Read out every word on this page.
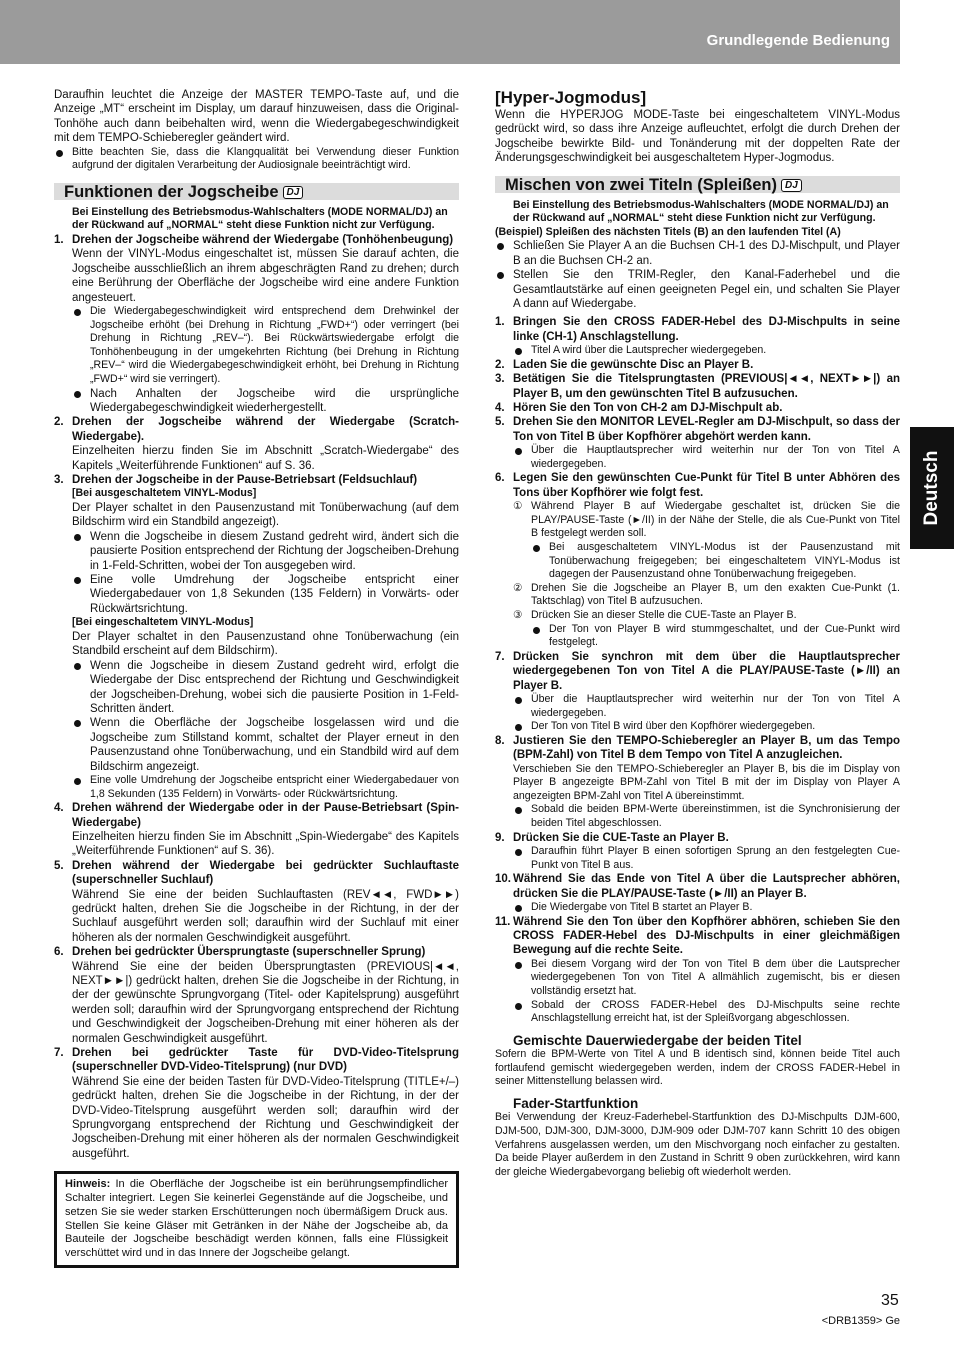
Grundlegende Bedienung
Deutsch
Daraufhin leuchtet die Anzeige der MASTER TEMPO-Taste auf, und die Anzeige „MT“ erscheint im Display, um darauf hinzuweisen, dass die Original-Tonhöhe auch dann beibehalten wird, wenn die Wiedergabegeschwindigkeit mit dem TEMPO-Schieberegler geändert wird.
Bitte beachten Sie, dass die Klangqualität bei Verwendung dieser Funktion aufgrund der digitalen Verarbeitung der Audiosignale beeinträchtigt wird.
Funktionen der Jogscheibe DJ
Bei Einstellung des Betriebsmodus-Wahlschalters (MODE NORMAL/DJ) an der Rückwand auf „NORMAL“ steht diese Funktion nicht zur Verfügung.
1. Drehen der Jogscheibe während der Wiedergabe (Tonhöhenbeugung)
Wenn der VINYL-Modus eingeschaltet ist, müssen Sie darauf achten, die Jogscheibe ausschließlich an ihrem abgeschrägten Rand zu drehen; durch eine Berührung der Oberfläche der Jogscheibe wird eine andere Funktion angesteuert.
Die Wiedergabegeschwindigkeit wird entsprechend dem Drehwinkel der Jogscheibe erhöht (bei Drehung in Richtung „FWD+“) oder verringert (bei Drehung in Richtung „REV–“). Bei Rückwärtswiedergabe erfolgt die Tonhöhenbeugung in der umgekehrten Richtung (bei Drehung in Richtung „REV–“ wird die Wiedergabegeschwindigkeit erhöht, bei Drehung in Richtung „FWD+“ wird sie verringert).
Nach Anhalten der Jogscheibe wird die ursprüngliche Wiedergabegeschwindigkeit wiederhergestellt.
2. Drehen der Jogscheibe während der Wiedergabe (Scratch-Wiedergabe).
Einzelheiten hierzu finden Sie im Abschnitt „Scratch-Wiedergabe“ des Kapitels „Weiterführende Funktionen“ auf S. 36.
3. Drehen der Jogscheibe in der Pause-Betriebsart (Feldsuchlauf)
[Bei ausgeschaltetem VINYL-Modus]
Der Player schaltet in den Pausenzustand mit Tonüberwachung (auf dem Bildschirm wird ein Standbild angezeigt).
Wenn die Jogscheibe in diesem Zustand gedreht wird, ändert sich die pausierte Position entsprechend der Richtung der Jogscheiben-Drehung in 1-Feld-Schritten, wobei der Ton ausgegeben wird.
Eine volle Umdrehung der Jogscheibe entspricht einer Wiedergabedauer von 1,8 Sekunden (135 Feldern) in Vorwärts- oder Rückwärtsrichtung.
[Bei eingeschaltetem VINYL-Modus]
Der Player schaltet in den Pausenzustand ohne Tonüberwachung (ein Standbild erscheint auf dem Bildschirm).
Wenn die Jogscheibe in diesem Zustand gedreht wird, erfolgt die Wiedergabe der Disc entsprechend der Richtung und Geschwindigkeit der Jogscheiben-Drehung, wobei sich die pausierte Position in 1-Feld-Schritten ändert.
Wenn die Oberfläche der Jogscheibe losgelassen wird und die Jogscheibe zum Stillstand kommt, schaltet der Player erneut in den Pausenzustand ohne Tonüberwachung, und ein Standbild wird auf dem Bildschirm angezeigt.
Eine volle Umdrehung der Jogscheibe entspricht einer Wiedergabedauer von 1,8 Sekunden (135 Feldern) in Vorwärts- oder Rückwärtsrichtung.
4. Drehen während der Wiedergabe oder in der Pause-Betriebsart (Spin-Wiedergabe)
Einzelheiten hierzu finden Sie im Abschnitt „Spin-Wiedergabe“ des Kapitels „Weiterführende Funktionen“ auf S. 36).
5. Drehen während der Wiedergabe bei gedrückter Suchlauftaste (superschneller Suchlauf)
Während Sie eine der beiden Suchlauftasten (REV◄◄, FWD►►) gedrückt halten, drehen Sie die Jogscheibe in der Richtung, in der der Suchlauf ausgeführt werden soll; daraufhin wird der Suchlauf mit einer höheren als der normalen Geschwindigkeit ausgeführt.
6. Drehen bei gedrückter Übersprungtaste (superschneller Sprung)
Während Sie eine der beiden Übersprungtasten (PREVIOUS|◄◄, NEXT►►|) gedrückt halten, drehen Sie die Jogscheibe in der Richtung, in der der gewünschte Sprungvorgang (Titel- oder Kapitelsprung) ausgeführt werden soll; daraufhin wird der Sprungvorgang entsprechend der Richtung und Geschwindigkeit der Jogscheiben-Drehung mit einer höheren als der normalen Geschwindigkeit ausgeführt.
7. Drehen bei gedrückter Taste für DVD-Video-Titelsprung (superschneller DVD-Video-Titelsprung) (nur DVD)
Während Sie eine der beiden Tasten für DVD-Video-Titelsprung (TITLE+/–) gedrückt halten, drehen Sie die Jogscheibe in der Richtung, in der der DVD-Video-Titelsprung ausgeführt werden soll; daraufhin wird der Sprungvorgang entsprechend der Richtung und Geschwindigkeit der Jogscheiben-Drehung mit einer höheren als der normalen Geschwindigkeit ausgeführt.
Hinweis: In die Oberfläche der Jogscheibe ist ein berührungsempfindlicher Schalter integriert. Legen Sie keinerlei Gegenstände auf die Jogscheibe, und setzen Sie sie weder starken Erschütterungen noch übermäßigem Druck aus. Stellen Sie keine Gläser mit Getränken in der Nähe der Jogscheibe ab, da Bauteile der Jogscheibe beschädigt werden können, falls eine Flüssigkeit verschüttet wird und in das Innere der Jogscheibe gelangt.
[Hyper-Jogmodus]
Wenn die HYPERJOG MODE-Taste bei eingeschaltetem VINYL-Modus gedrückt wird, so dass ihre Anzeige aufleuchtet, erfolgt die durch Drehen der Jogscheibe bewirkte Bild- und Tonänderung mit der doppelten Rate der Änderungsgeschwindigkeit bei ausgeschaltetem Hyper-Jogmodus.
Mischen von zwei Titeln (Spleißen) DJ
Bei Einstellung des Betriebsmodus-Wahlschalters (MODE NORMAL/DJ) an der Rückwand auf „NORMAL“ steht diese Funktion nicht zur Verfügung.
(Beispiel) Spleißen des nächsten Titels (B) an den laufenden Titel (A)
Schließen Sie Player A an die Buchsen CH-1 des DJ-Mischpult, und Player B an die Buchsen CH-2 an.
Stellen Sie den TRIM-Regler, den Kanal-Faderhebel und die Gesamtlautstärke auf einen geeigneten Pegel ein, und schalten Sie Player A dann auf Wiedergabe.
1. Bringen Sie den CROSS FADER-Hebel des DJ-Mischpults in seine linke (CH-1) Anschlagstellung.
Titel A wird über die Lautsprecher wiedergegeben.
2. Laden Sie die gewünschte Disc an Player B.
3. Betätigen Sie die Titelsprungtasten (PREVIOUS|◄◄, NEXT►►|) an Player B, um den gewünschten Titel B aufzusuchen.
4. Hören Sie den Ton von CH-2 am DJ-Mischpult ab.
5. Drehen Sie den MONITOR LEVEL-Regler am DJ-Mischpult, so dass der Ton von Titel B über Kopfhörer abgehört werden kann.
Über die Hauptlautsprecher wird weiterhin nur der Ton von Titel A wiedergegeben.
6. Legen Sie den gewünschten Cue-Punkt für Titel B unter Abhören des Tons über Kopfhörer wie folgt fest.
① Während Player B auf Wiedergabe geschaltet ist, drücken Sie die PLAY/PAUSE-Taste (►/II) in der Nähe der Stelle, die als Cue-Punkt von Titel B festgelegt werden soll.
Bei ausgeschaltetem VINYL-Modus ist der Pausenzustand mit Tonüberwachung freigegeben; bei eingeschaltetem VINYL-Modus ist dagegen der Pausenzustand ohne Tonüberwachung freigegeben.
② Drehen Sie die Jogscheibe an Player B, um den exakten Cue-Punkt (1. Taktschlag) von Titel B aufzusuchen.
③ Drücken Sie an dieser Stelle die CUE-Taste an Player B.
Der Ton von Player B wird stummgeschaltet, und der Cue-Punkt wird festgelegt.
7. Drücken Sie synchron mit dem über die Hauptlautsprecher wiedergegebenen Ton von Titel A die PLAY/PAUSE-Taste (►/II) an Player B.
Über die Hauptlautsprecher wird weiterhin nur der Ton von Titel A wiedergegeben.
Der Ton von Titel B wird über den Kopfhörer wiedergegeben.
8. Justieren Sie den TEMPO-Schieberegler an Player B, um das Tempo (BPM-Zahl) von Titel B dem Tempo von Titel A anzugleichen.
Verschieben Sie den TEMPO-Schieberegler an Player B, bis die im Display von Player B angezeigte BPM-Zahl von Titel B mit der im Display von Player A angezeigten BPM-Zahl von Titel A übereinstimmt.
Sobald die beiden BPM-Werte übereinstimmen, ist die Synchronisierung der beiden Titel abgeschlossen.
9. Drücken Sie die CUE-Taste an Player B.
Daraufhin führt Player B einen sofortigen Sprung an den festgelegten Cue-Punkt von Titel B aus.
10. Während Sie das Ende von Titel A über die Lautsprecher abhören, drücken Sie die PLAY/PAUSE-Taste (►/II) an Player B.
Die Wiedergabe von Titel B startet an Player B.
11. Während Sie den Ton über den Kopfhörer abhören, schieben Sie den CROSS FADER-Hebel des DJ-Mischpults in einer gleichmäßigen Bewegung auf die rechte Seite.
Bei diesem Vorgang wird der Ton von Titel B dem über die Lautsprecher wiedergegebenen Ton von Titel A allmählich zugemischt, bis er diesen vollständig ersetzt hat.
Sobald der CROSS FADER-Hebel des DJ-Mischpults seine rechte Anschlagstellung erreicht hat, ist der Spleißvorgang abgeschlossen.
Gemischte Dauerwiedergabe der beiden Titel
Sofern die BPM-Werte von Titel A und B identisch sind, können beide Titel auch fortlaufend gemischt wiedergegeben werden, indem der CROSS FADER-Hebel in seiner Mittenstellung belassen wird.
Fader-Startfunktion
Bei Verwendung der Kreuz-Faderhebel-Startfunktion des DJ-Mischpults DJM-600, DJM-500, DJM-300, DJM-3000, DJM-909 oder DJM-707 kann Schritt 10 des obigen Verfahrens ausgelassen werden, um den Mischvorgang noch einfacher zu gestalten. Da beide Player außerdem in den Zustand in Schritt 9 oben zurückkehren, wird kann der gleiche Wiedergabevorgang beliebig oft wiederholt werden.
35
<DRB1359> Ge
